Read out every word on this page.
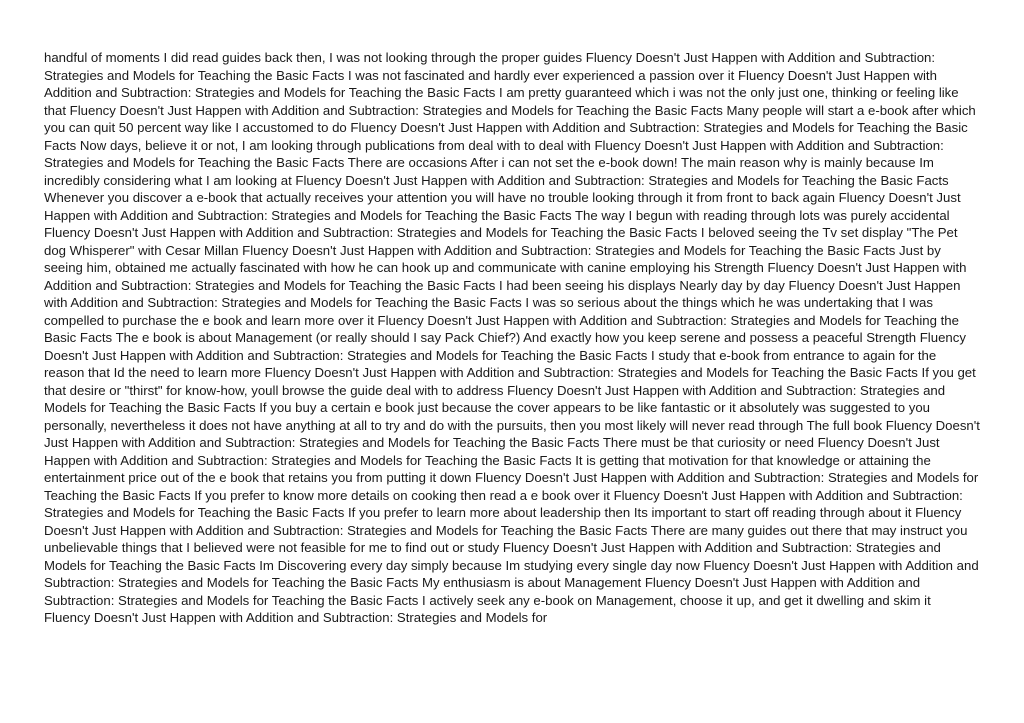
handful of moments I did read guides back then, I was not looking through the proper guides Fluency Doesn't Just Happen with Addition and Subtraction: Strategies and Models for Teaching the Basic Facts I was not fascinated and hardly ever experienced a passion over it Fluency Doesn't Just Happen with Addition and Subtraction: Strategies and Models for Teaching the Basic Facts I am pretty guaranteed which i was not the only just one, thinking or feeling like that Fluency Doesn't Just Happen with Addition and Subtraction: Strategies and Models for Teaching the Basic Facts Many people will start a e-book after which you can quit 50 percent way like I accustomed to do Fluency Doesn't Just Happen with Addition and Subtraction: Strategies and Models for Teaching the Basic Facts Now days, believe it or not, I am looking through publications from deal with to deal with Fluency Doesn't Just Happen with Addition and Subtraction: Strategies and Models for Teaching the Basic Facts There are occasions After i can not set the e-book down! The main reason why is mainly because Im incredibly considering what I am looking at Fluency Doesn't Just Happen with Addition and Subtraction: Strategies and Models for Teaching the Basic Facts Whenever you discover a e-book that actually receives your attention you will have no trouble looking through it from front to back again Fluency Doesn't Just Happen with Addition and Subtraction: Strategies and Models for Teaching the Basic Facts The way I begun with reading through lots was purely accidental Fluency Doesn't Just Happen with Addition and Subtraction: Strategies and Models for Teaching the Basic Facts I beloved seeing the Tv set display "The Pet dog Whisperer" with Cesar Millan Fluency Doesn't Just Happen with Addition and Subtraction: Strategies and Models for Teaching the Basic Facts Just by seeing him, obtained me actually fascinated with how he can hook up and communicate with canine employing his Strength Fluency Doesn't Just Happen with Addition and Subtraction: Strategies and Models for Teaching the Basic Facts I had been seeing his displays Nearly day by day Fluency Doesn't Just Happen with Addition and Subtraction: Strategies and Models for Teaching the Basic Facts I was so serious about the things which he was undertaking that I was compelled to purchase the e book and learn more over it Fluency Doesn't Just Happen with Addition and Subtraction: Strategies and Models for Teaching the Basic Facts The e book is about Management (or really should I say Pack Chief?) And exactly how you keep serene and possess a peaceful Strength Fluency Doesn't Just Happen with Addition and Subtraction: Strategies and Models for Teaching the Basic Facts I study that e-book from entrance to again for the reason that Id the need to learn more Fluency Doesn't Just Happen with Addition and Subtraction: Strategies and Models for Teaching the Basic Facts If you get that desire or "thirst" for know-how, youll browse the guide deal with to address Fluency Doesn't Just Happen with Addition and Subtraction: Strategies and Models for Teaching the Basic Facts If you buy a certain e book just because the cover appears to be like fantastic or it absolutely was suggested to you personally, nevertheless it does not have anything at all to try and do with the pursuits, then you most likely will never read through The full book Fluency Doesn't Just Happen with Addition and Subtraction: Strategies and Models for Teaching the Basic Facts There must be that curiosity or need Fluency Doesn't Just Happen with Addition and Subtraction: Strategies and Models for Teaching the Basic Facts It is getting that motivation for that knowledge or attaining the entertainment price out of the e book that retains you from putting it down Fluency Doesn't Just Happen with Addition and Subtraction: Strategies and Models for Teaching the Basic Facts If you prefer to know more details on cooking then read a e book over it Fluency Doesn't Just Happen with Addition and Subtraction: Strategies and Models for Teaching the Basic Facts If you prefer to learn more about leadership then Its important to start off reading through about it Fluency Doesn't Just Happen with Addition and Subtraction: Strategies and Models for Teaching the Basic Facts There are many guides out there that may instruct you unbelievable things that I believed were not feasible for me to find out or study Fluency Doesn't Just Happen with Addition and Subtraction: Strategies and Models for Teaching the Basic Facts Im Discovering every day simply because Im studying every single day now Fluency Doesn't Just Happen with Addition and Subtraction: Strategies and Models for Teaching the Basic Facts My enthusiasm is about Management Fluency Doesn't Just Happen with Addition and Subtraction: Strategies and Models for Teaching the Basic Facts I actively seek any e-book on Management, choose it up, and get it dwelling and skim it Fluency Doesn't Just Happen with Addition and Subtraction: Strategies and Models for
